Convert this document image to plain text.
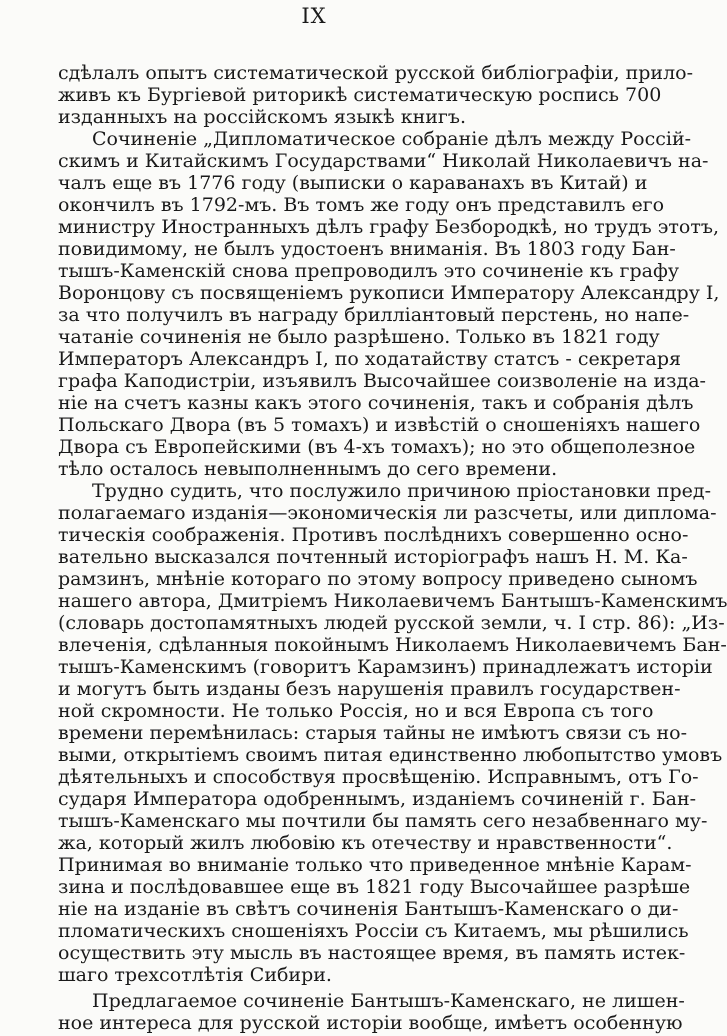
IX
сдѣлалъ опытъ систематической русской библіографіи, прило-
живъ къ Бургіевой риторикѣ систематическую роспись 700
изданныхъ на россійскомъ языкѣ книгъ.
Сочиненіе „Дипломатическое собраніе дѣлъ между Россій-
скимъ и Китайскимъ Государствами“ Николай Николаевичъ на-
чалъ еще въ 1776 году (выписки о караванахъ въ Китай) и
окончилъ въ 1792-мъ. Въ томъ же году онъ представилъ его
министру Иностранныхъ дѣлъ графу Безбородкѣ, но трудъ этотъ,
повидимому, не былъ удостоенъ вниманія. Въ 1803 году Бан-
тышъ-Каменскій снова препроводилъ это сочиненіе къ графу
Воронцову съ посвященіемъ рукописи Императору Александру I,
за что получилъ въ награду бриллiантовый перстень, но напе-
чатаніе сочиненія не было разрѣшено. Только въ 1821 году
Императоръ Александръ I, по ходатайству статсъ - секретаря
графа Каподистріи, изъявилъ Высочайшее соизволеніе на изда-
ніе на счетъ казны какъ этого сочиненія, такъ и собранія дѣлъ
Польскаго Двора (въ 5 томахъ) и извѣстій о сношеніяхъ нашего
Двора съ Европейскими (въ 4-хъ томахъ); но это общеполезное
тѣло осталось невыполненнымъ до сего времени.
Трудно судить, что послужило причиною пріостановки пред-
полагаемаго изданія—экономическія ли разсчеты, или диплома-
тическія соображенія. Противъ послѣднихъ совершенно осно-
вательно высказался почтенный исторіографъ нашъ Н. М. Ка-
рамзинъ, мнѣніе котораго по этому вопросу приведено сыномъ
нашего автора, Дмитріемъ Николаевичемъ Бантышъ-Каменскимъ
(словарь достопамятныхъ людей русской земли, ч. I стр. 86): „Из-
влеченія, сдѣланныя покойнымъ Николаемъ Николаевичемъ Бан-
тышъ-Каменскимъ (говоритъ Карамзинъ) принадлежатъ исторіи
и могутъ быть изданы безъ нарушенія правилъ государствен-
ной скромности. Не только Россія, но и вся Европа съ того
времени перемѣнилась: старыя тайны не имѣютъ связи съ но-
выми, открытіемъ своимъ питая единственно любопытство умовъ
дѣятельныхъ и способствуя просвѣщенію. Исправнымъ, отъ Го-
сударя Императора одобреннымъ, изданіемъ сочиненій г. Бан-
тышъ-Каменскаго мы почтили бы память сего незабвеннаго му-
жа, который жилъ любовію къ отечеству и нравственности“.
Принимая во вниманіе только что приведенное мнѣніе Карам-
зина и послѣдовавшее еще въ 1821 году Высочайшее разрѣше
ніе на изданіе въ свѣтъ сочиненія Бантышъ-Каменскаго о ди-
пломатическихъ сношеніяхъ Россіи съ Китаемъ, мы рѣшились
осуществить эту мысль въ настоящее время, въ память истек-
шаго трехсотлѣтія Сибири.
Предлагаемое сочиненіе Бантышъ-Каменскаго, не лишен-
ное интереса для русской исторіи вообще, имѣетъ особенную
